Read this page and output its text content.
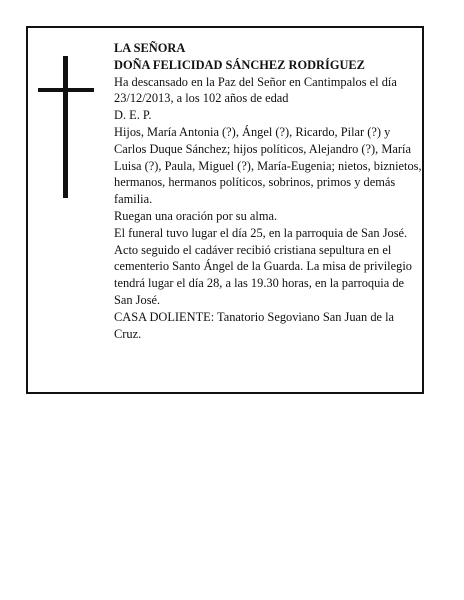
LA SEÑORA

DOÑA FELICIDAD SÁNCHEZ RODRÍGUEZ

Ha descansado en la Paz del Señor en Cantimpalos el día 23/12/2013, a los 102 años de edad

D. E. P.

Hijos, María Antonia (?), Ángel (?), Ricardo, Pilar (?) y Carlos Duque Sánchez; hijos políticos, Alejandro (?), María Luisa (?), Paula, Miguel (?), María-Eugenia; nietos, biznietos, hermanos, hermanos políticos, sobrinos, primos y demás familia.

Ruegan una oración por su alma.

El funeral tuvo lugar el día 25, en la parroquia de San José. Acto seguido el cadáver recibió cristiana sepultura en el cementerio Santo Ángel de la Guarda. La misa de privilegio tendrá lugar el día 28, a las 19.30 horas, en la parroquia de San José.

CASA DOLIENTE: Tanatorio Segoviano San Juan de la Cruz.
